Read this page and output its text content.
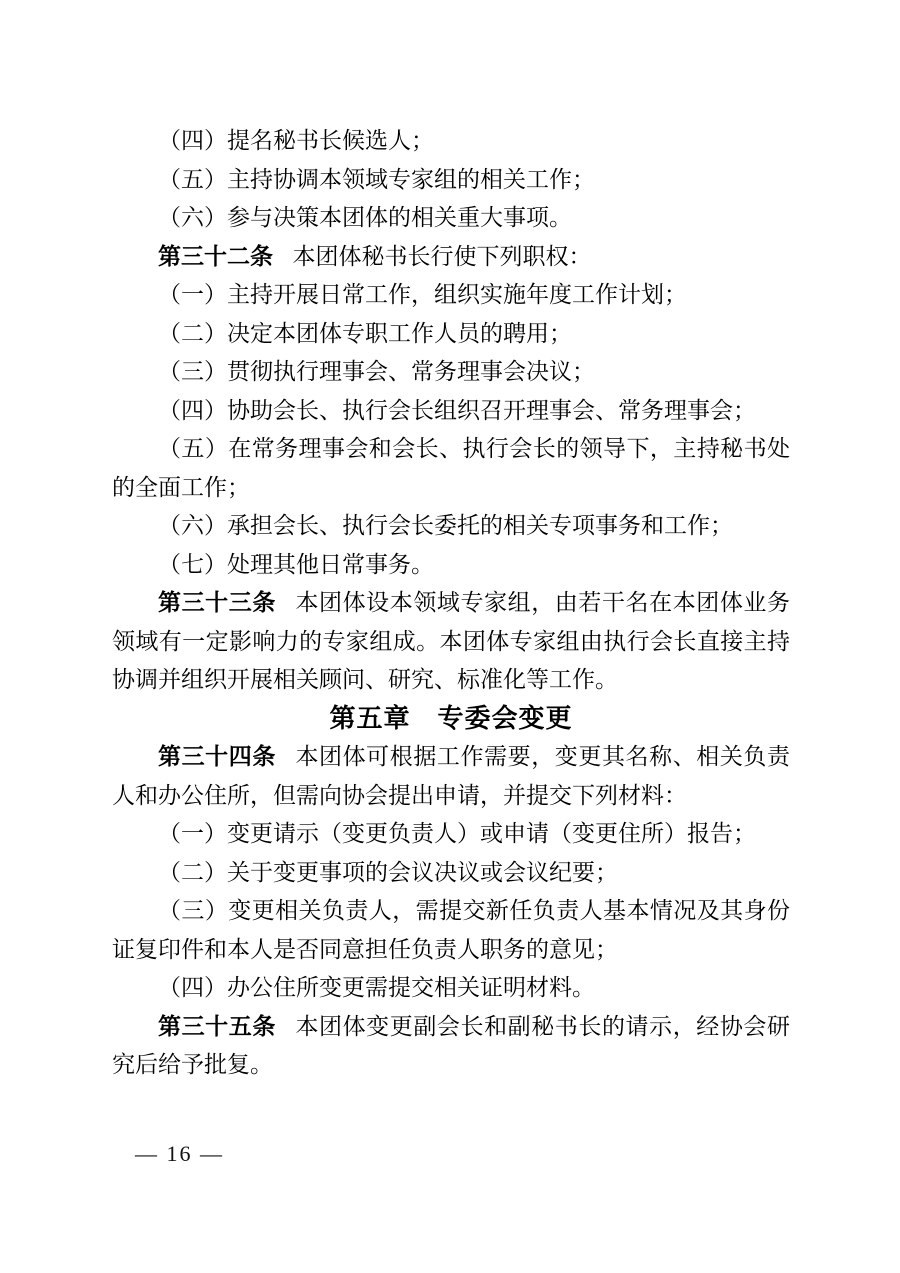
（四）提名秘书长候选人；

（五）主持协调本领域专家组的相关工作；

（六）参与决策本团体的相关重大事项。

第三十二条 本团体秘书长行使下列职权：

（一）主持开展日常工作，组织实施年度工作计划；

（二）决定本团体专职工作人员的聘用；

（三）贯彻执行理事会、常务理事会决议；

（四）协助会长、执行会长组织召开理事会、常务理事会；

（五）在常务理事会和会长、执行会长的领导下，主持秘书处的全面工作；

（六）承担会长、执行会长委托的相关专项事务和工作；

（七）处理其他日常事务。

第三十三条 本团体设本领域专家组，由若干名在本团体业务领域有一定影响力的专家组成。本团体专家组由执行会长直接主持协调并组织开展相关顾问、研究、标准化等工作。

第五章　专委会变更

第三十四条 本团体可根据工作需要，变更其名称、相关负责人和办公住所，但需向协会提出申请，并提交下列材料：

（一）变更请示（变更负责人）或申请（变更住所）报告；

（二）关于变更事项的会议决议或会议纪要；

（三）变更相关负责人，需提交新任负责人基本情况及其身份证复印件和本人是否同意担任负责人职务的意见；

（四）办公住所变更需提交相关证明材料。

第三十五条 本团体变更副会长和副秘书长的请示，经协会研究后给予批复。

— 16 —
